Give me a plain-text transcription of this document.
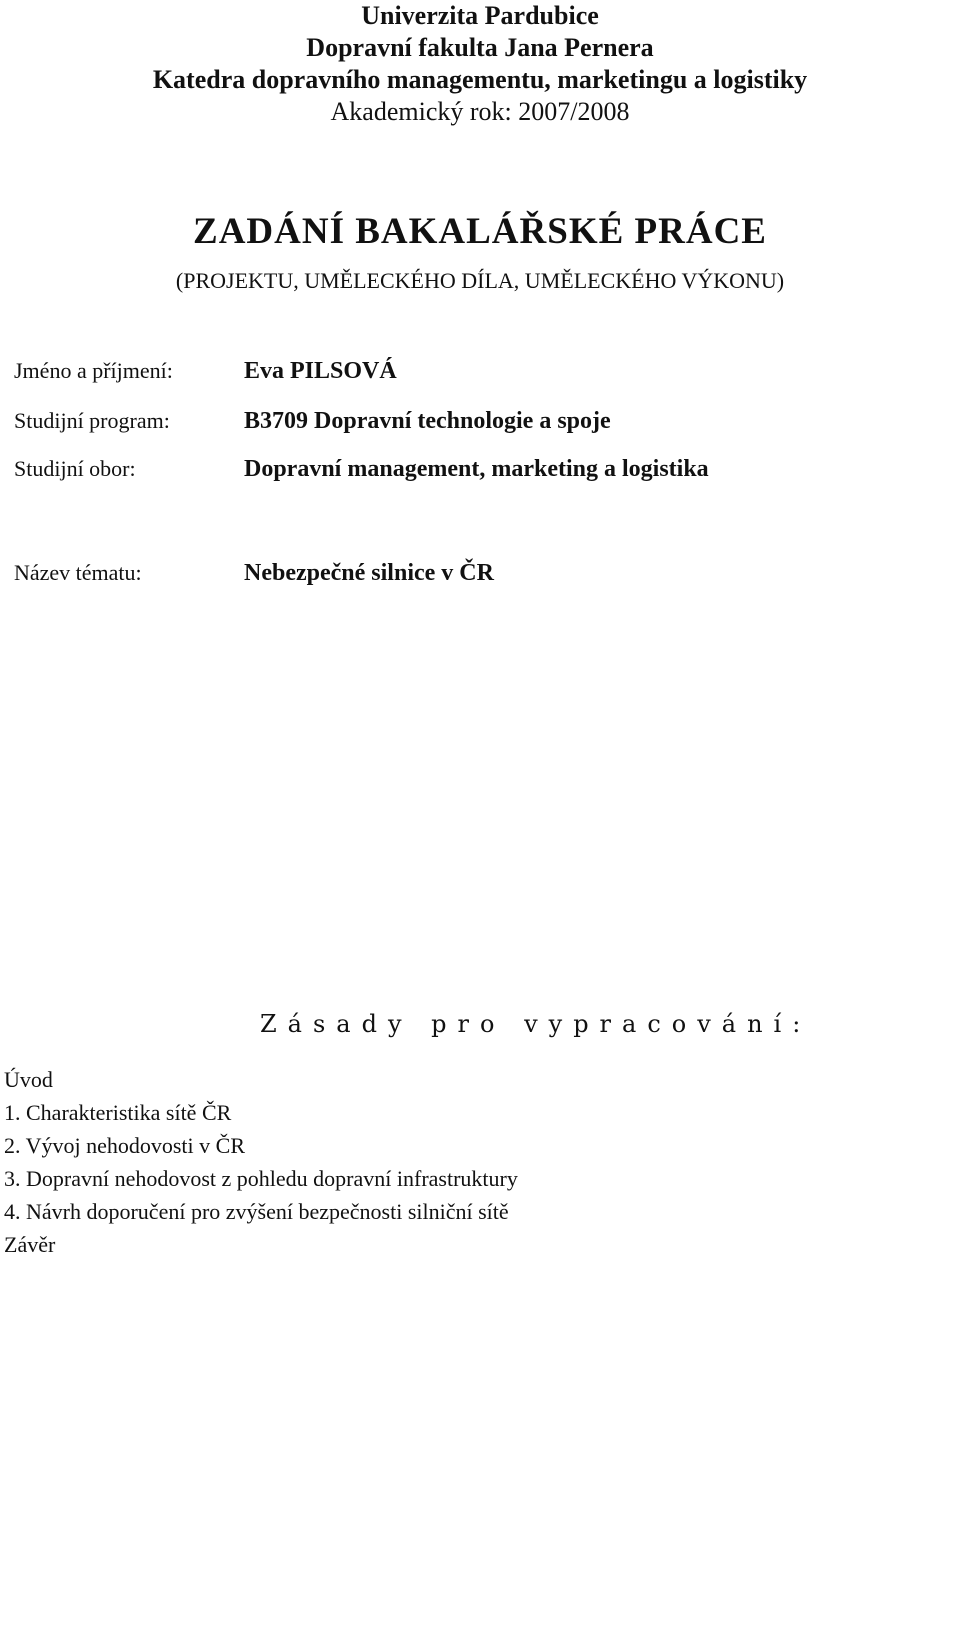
Univerzita Pardubice
Dopravní fakulta Jana Pernera
Katedra dopravního managementu, marketingu a logistiky
Akademický rok: 2007/2008
ZADÁNÍ BAKALÁŘSKÉ PRÁCE
(PROJEKTU, UMĚLECKÉHO DÍLA, UMĚLECKÉHO VÝKONU)
Jméno a příjmení:	Eva PILSOVÁ
Studijní program:	B3709 Dopravní technologie a spoje
Studijní obor:	Dopravní management, marketing a logistika
Název tématu:	Nebezpečné silnice v ČR
Zásady pro vypracování:
Úvod
1. Charakteristika sítě ČR
2. Vývoj nehodovosti v ČR
3. Dopravní nehodovost z pohledu dopravní infrastruktury
4. Návrh doporučení pro zvýšení bezpečnosti silniční sítě
Závěr
